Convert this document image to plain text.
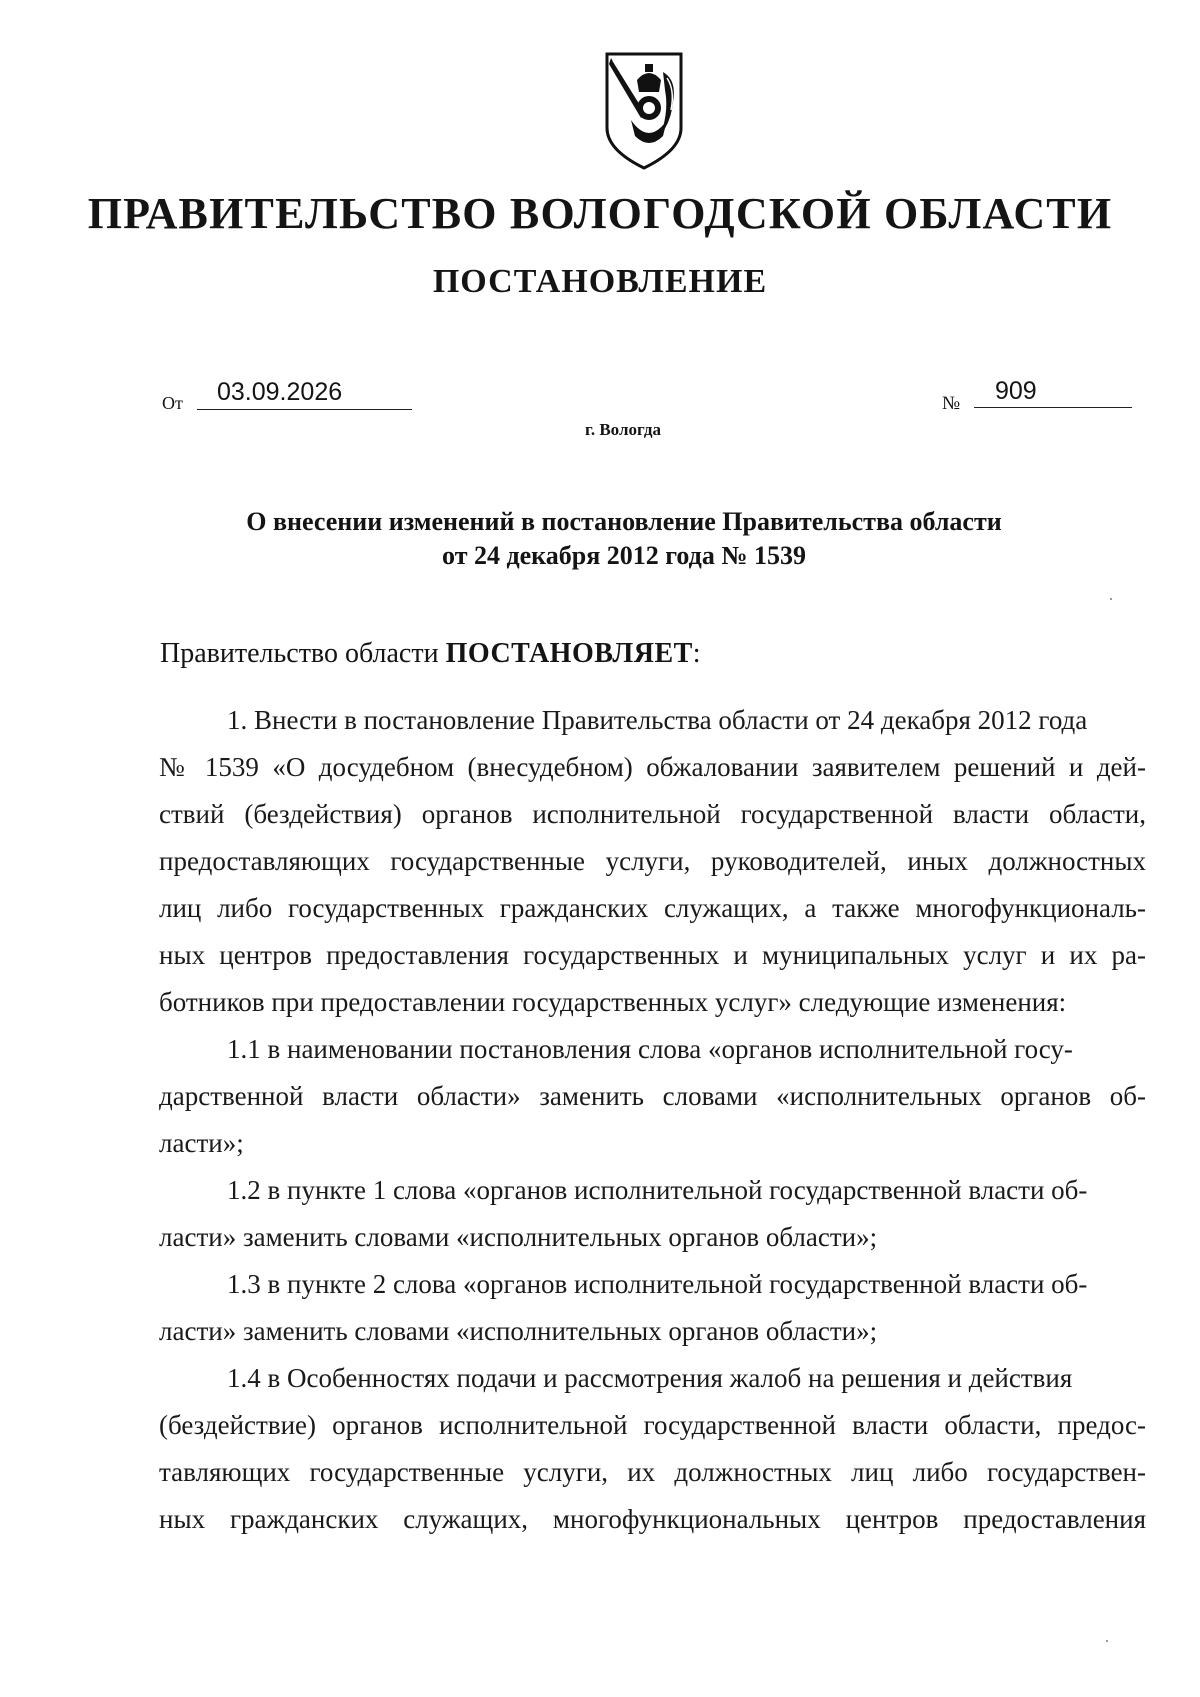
ПРАВИТЕЛЬСТВО ВОЛОГОДСКОЙ ОБЛАСТИ
ПОСТАНОВЛЕНИЕ
От	03.09.2026	№	909
г. Вологда
О внесении изменений в постановление Правительства области
от 24 декабря 2012 года № 1539
Правительство области ПОСТАНОВЛЯЕТ:
1. Внести в постановление Правительства области от 24 декабря 2012 года
№ 1539 «О досудебном (внесудебном) обжаловании заявителем решений и дей-
ствий (бездействия) органов исполнительной государственной власти области,
предоставляющих государственные услуги, руководителей, иных должностных
лиц либо государственных гражданских служащих, а также многофункциональ-
ных центров предоставления государственных и муниципальных услуг и их ра-
ботников при предоставлении государственных услуг» следующие изменения:
1.1 в наименовании постановления слова «органов исполнительной госу-
дарственной власти области» заменить словами «исполнительных органов об-
ласти»;
1.2 в пункте 1 слова «органов исполнительной государственной власти об-
ласти» заменить словами «исполнительных органов области»;
1.3 в пункте 2 слова «органов исполнительной государственной власти об-
ласти» заменить словами «исполнительных органов области»;
1.4 в Особенностях подачи и рассмотрения жалоб на решения и действия
(бездействие) органов исполнительной государственной власти области, предос-
тавляющих государственные услуги, их должностных лиц либо государствен-
ных гражданских служащих, многофункциональных центров предоставления
